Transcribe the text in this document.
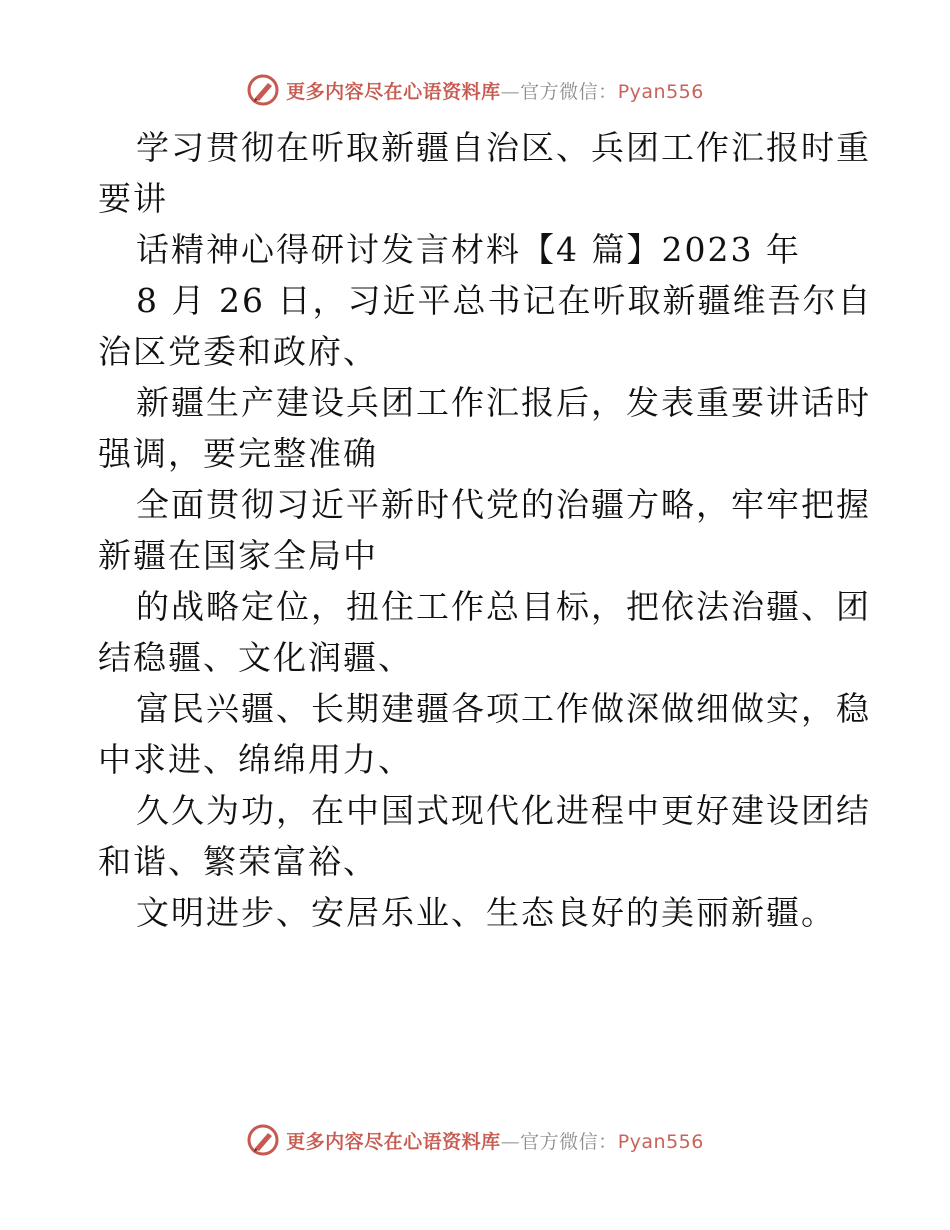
更多内容尽在心语资料库—官方微信：Pyan556
学习贯彻在听取新疆自治区、兵团工作汇报时重
要讲
话精神心得研讨发言材料【4 篇】2023 年
8 月 26 日，习近平总书记在听取新疆维吾尔自
治区党委和政府、
新疆生产建设兵团工作汇报后，发表重要讲话时
强调，要完整准确
全面贯彻习近平新时代党的治疆方略，牢牢把握
新疆在国家全局中
的战略定位，扭住工作总目标，把依法治疆、团
结稳疆、文化润疆、
富民兴疆、长期建疆各项工作做深做细做实，稳
中求进、绵绵用力、
久久为功，在中国式现代化进程中更好建设团结
和谐、繁荣富裕、
文明进步、安居乐业、生态良好的美丽新疆。
更多内容尽在心语资料库—官方微信：Pyan556
